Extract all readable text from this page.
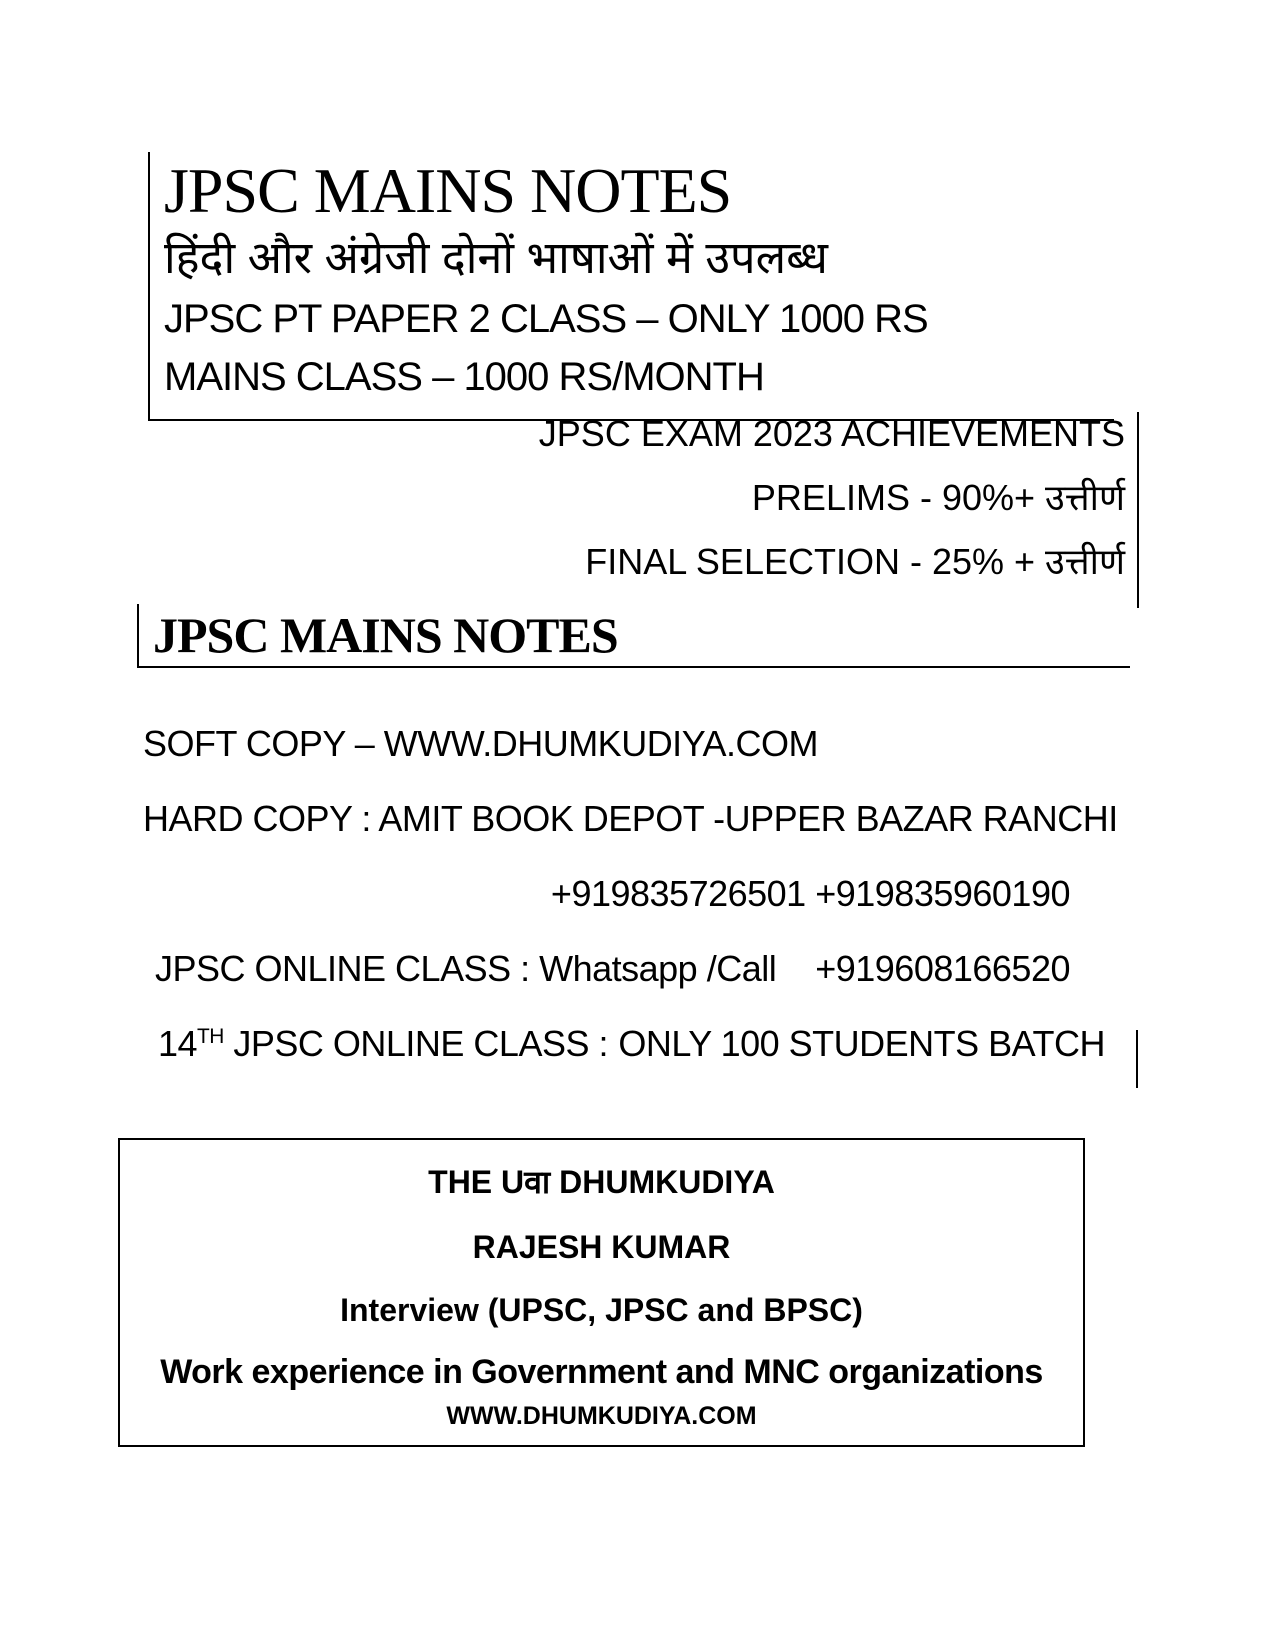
JPSC MAINS NOTES
हिंदी और अंग्रेजी दोनों भाषाओं में उपलब्ध
JPSC PT PAPER 2 CLASS – ONLY 1000 RS
MAINS CLASS – 1000 RS/MONTH
JPSC EXAM 2023 ACHIEVEMENTS
PRELIMS - 90%+ उत्तीर्ण
FINAL SELECTION - 25% + उत्तीर्ण
JPSC MAINS NOTES
SOFT COPY – WWW.DHUMKUDIYA.COM
HARD COPY : AMIT BOOK DEPOT -UPPER BAZAR RANCHI
+919835726501 +919835960190
JPSC ONLINE CLASS : Whatsapp /Call +919608166520
14TH JPSC ONLINE CLASS : ONLY 100 STUDENTS BATCH
THE Uवा DHUMKUDIYA
RAJESH KUMAR
Interview (UPSC, JPSC and BPSC)
Work experience in Government and MNC organizations
WWW.DHUMKUDIYA.COM
